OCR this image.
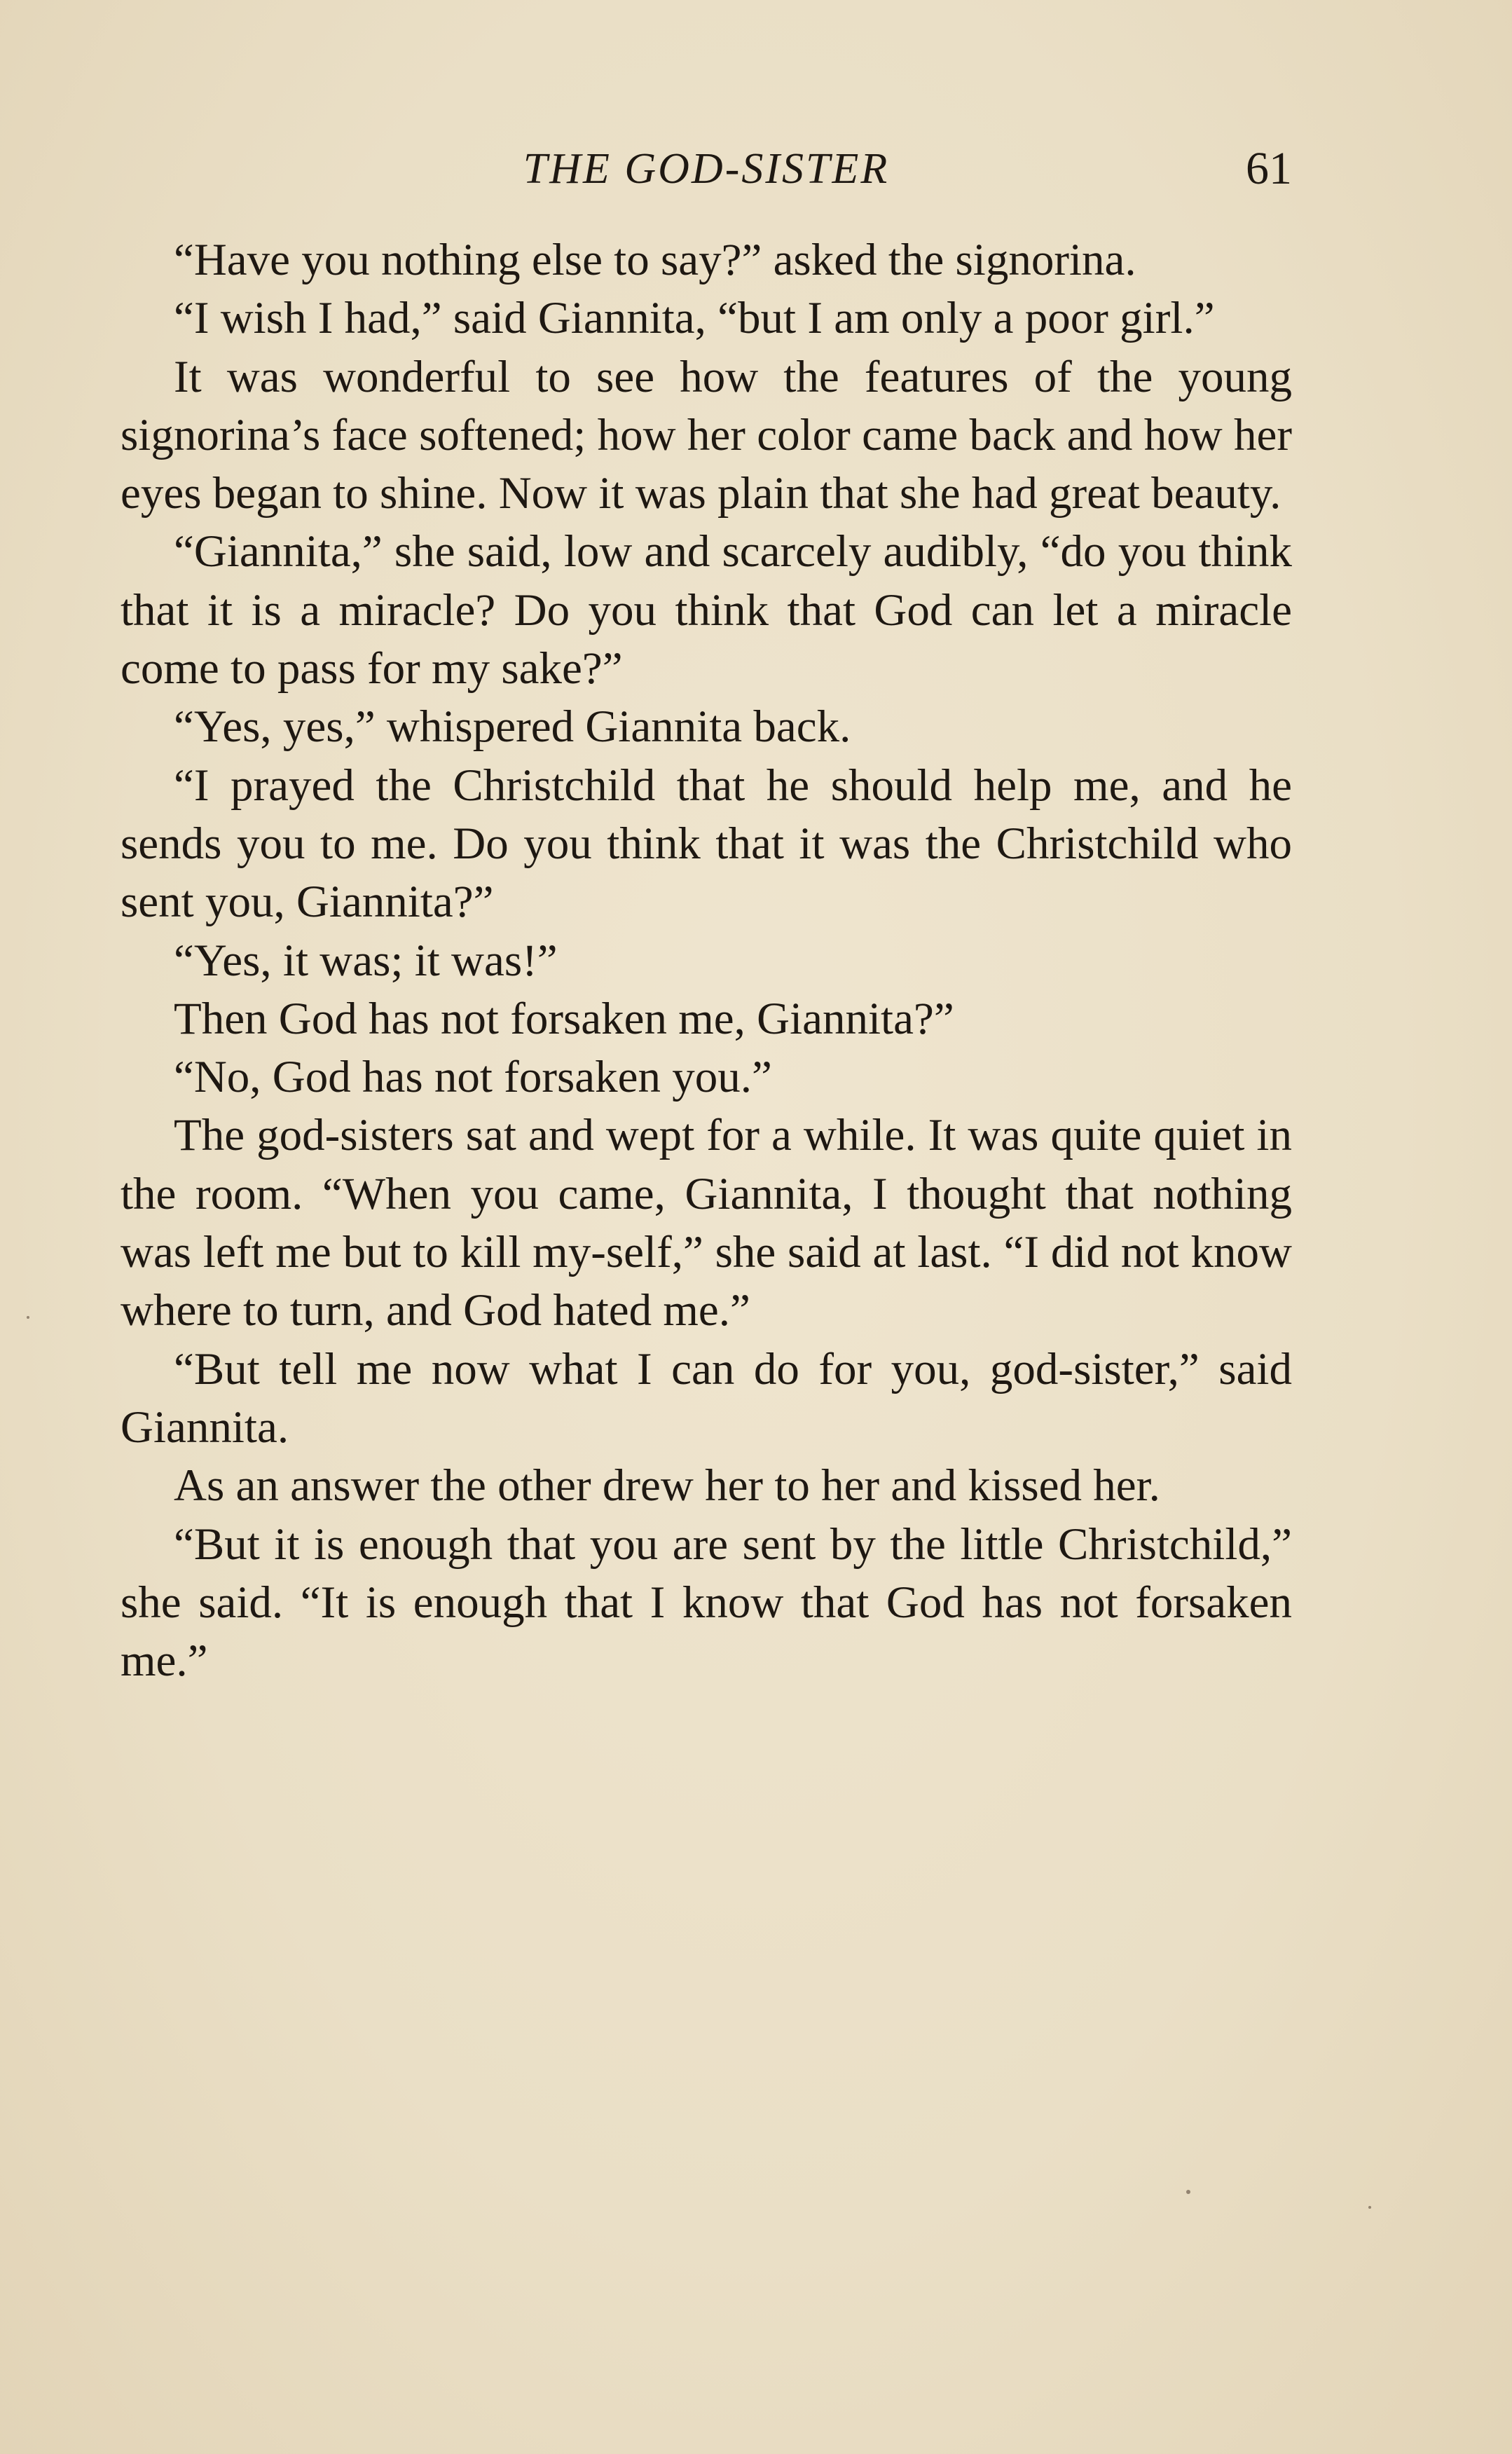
THE GOD-SISTER	61

“Have you nothing else to say?” asked the signorina.

“I wish I had,” said Giannita, “but I am only a poor girl.”

It was wonderful to see how the features of the young signorina’s face softened; how her color came back and how her eyes began to shine. Now it was plain that she had great beauty.

“Giannita,” she said, low and scarcely audibly, “do you think that it is a miracle? Do you think that God can let a miracle come to pass for my sake?”

“Yes, yes,” whispered Giannita back.

“I prayed the Christchild that he should help me, and he sends you to me. Do you think that it was the Christchild who sent you, Giannita?”

“Yes, it was; it was!”

Then God has not forsaken me, Giannita?”

“No, God has not forsaken you.”

The god-sisters sat and wept for a while. It was quite quiet in the room. “When you came, Giannita, I thought that nothing was left me but to kill my-self,” she said at last. “I did not know where to turn, and God hated me.”

“But tell me now what I can do for you, god-sister,” said Giannita.

As an answer the other drew her to her and kissed her.

“But it is enough that you are sent by the little Christchild,” she said. “It is enough that I know that God has not forsaken me.”
